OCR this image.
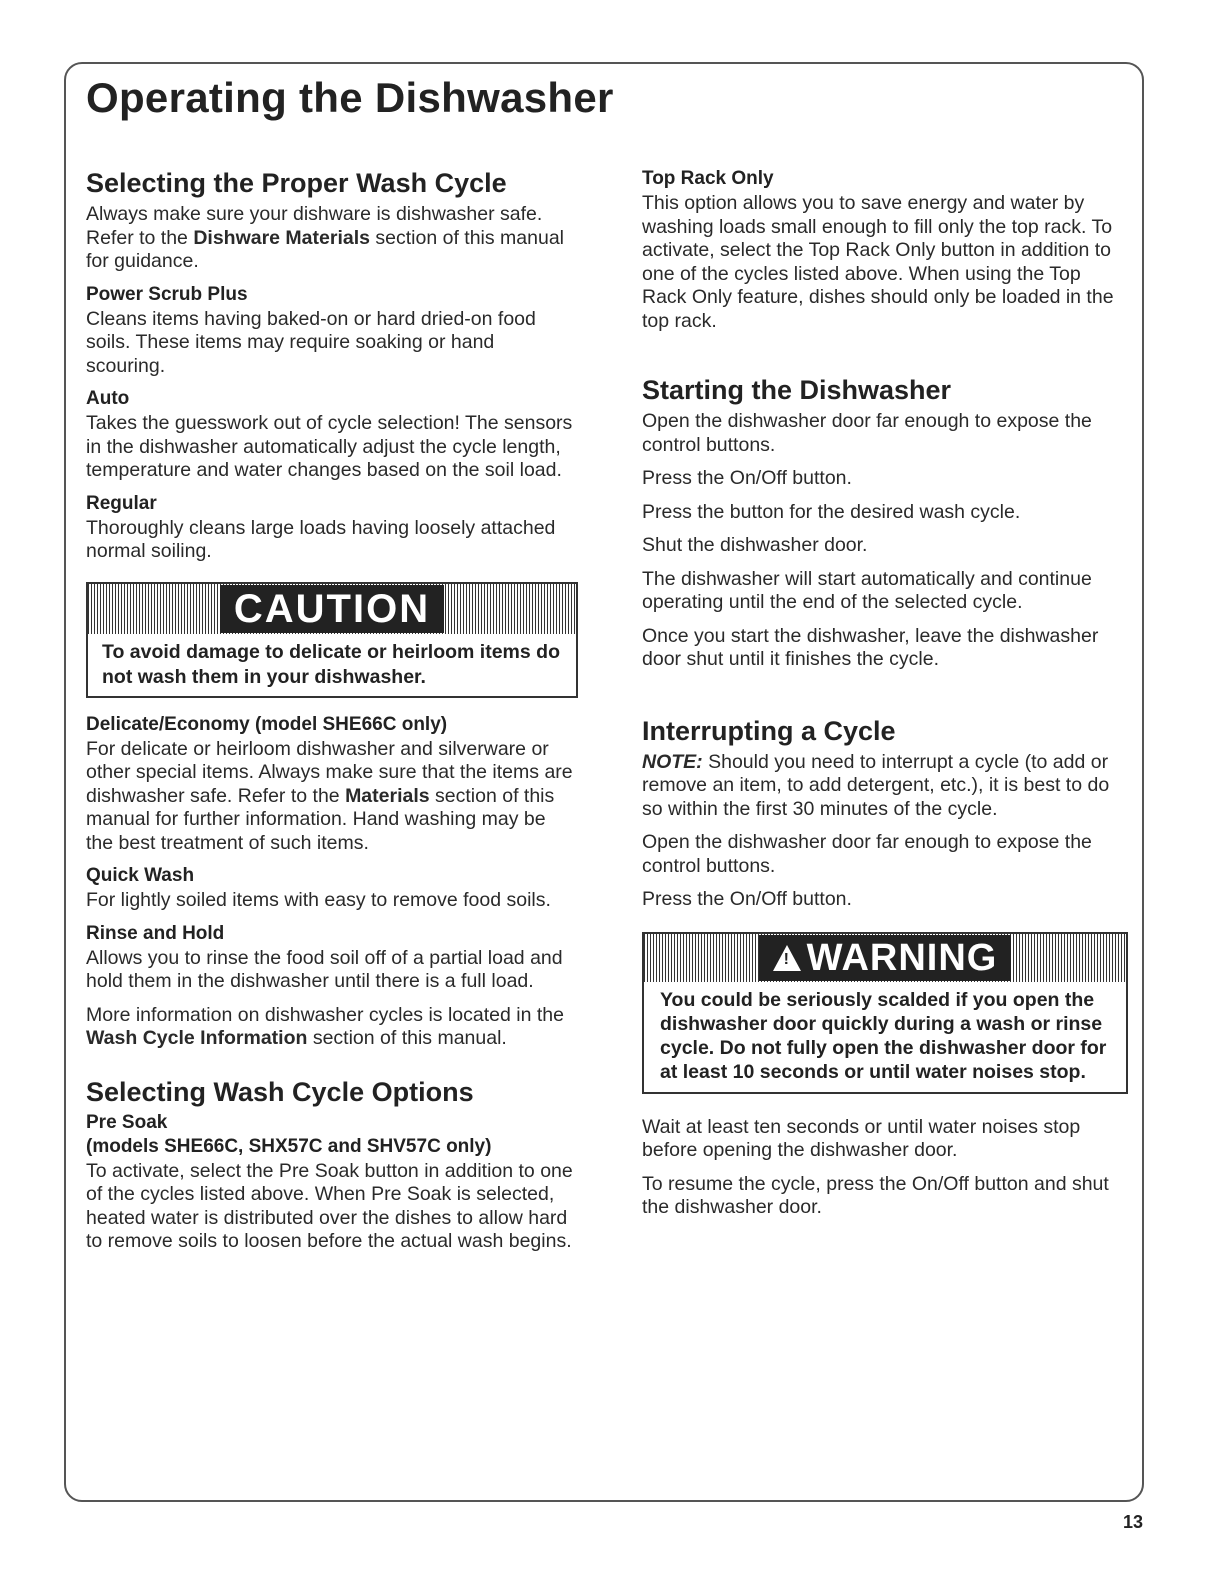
Operating the Dishwasher
Selecting the Proper Wash Cycle

Always make sure your dishware is dishwasher safe. Refer to the Dishware Materials section of this manual for guidance.

Power Scrub Plus

Cleans items having baked-on or hard dried-on food soils. These items may require soaking or hand scouring.

Auto

Takes the guesswork out of cycle selection! The sensors in the dishwasher automatically adjust the cycle length, temperature and water changes based on the soil load.

Regular

Thoroughly cleans large loads having loosely attached normal soiling.

CAUTION
To avoid damage to delicate or heirloom items do not wash them in your dishwasher.
Delicate/Economy (model SHE66C only)

For delicate or heirloom dishwasher and silverware or other special items. Always make sure that the items are dishwasher safe. Refer to the Materials section of this manual for further information. Hand washing may be the best treatment of such items.

Quick Wash

For lightly soiled items with easy to remove food soils.

Rinse and Hold

Allows you to rinse the food soil off of a partial load and hold them in the dishwasher until there is a full load.

More information on dishwasher cycles is located in the Wash Cycle Information section of this manual.

Selecting Wash Cycle Options
Pre Soak
(models SHE66C, SHX57C and SHV57C only)

To activate, select the Pre Soak button in addition to one of the cycles listed above. When Pre Soak is selected, heated water is distributed over the dishes to allow hard to remove soils to loosen before the actual wash begins.

Top Rack Only

This option allows you to save energy and water by washing loads small enough to fill only the top rack. To activate, select the Top Rack Only button in addition to one of the cycles listed above. When using the Top Rack Only feature, dishes should only be loaded in the top rack.

Starting the Dishwasher

Open the dishwasher door far enough to expose the control buttons.

Press the On/Off button.

Press the button for the desired wash cycle.

Shut the dishwasher door.

The dishwasher will start automatically and continue operating until the end of the selected cycle.

Once you start the dishwasher, leave the dishwasher door shut until it finishes the cycle.

Interrupting a Cycle

NOTE: Should you need to interrupt a cycle (to add or remove an item, to add detergent, etc.), it is best to do so within the first 30 minutes of the cycle.

Open the dishwasher door far enough to expose the control buttons.

Press the On/Off button.

! WARNING
You could be seriously scalded if you open the dishwasher door quickly during a wash or rinse cycle. Do not fully open the dishwasher door for at least 10 seconds or until water noises stop.

Wait at least ten seconds or until water noises stop before opening the dishwasher door.

To resume the cycle, press the On/Off button and shut the dishwasher door.

13
